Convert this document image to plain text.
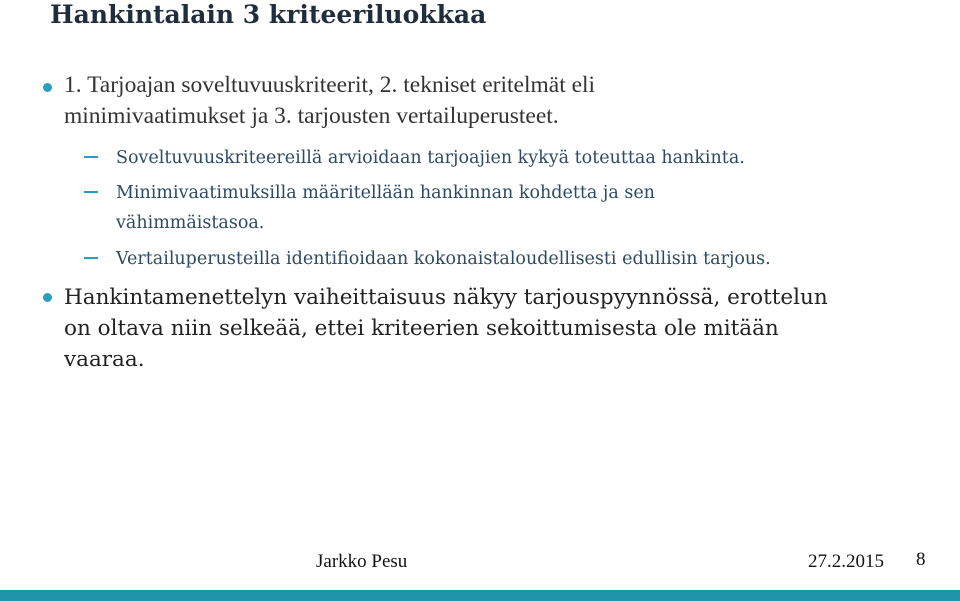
Hankintalain 3 kriteeriluokkaa
1. Tarjoajan soveltuvuuskriteerit, 2. tekniset eritelmät eli
minimivaatimukset ja 3. tarjousten vertailuperusteet.
Soveltuvuuskriteereillä arvioidaan tarjoajien kykyä toteuttaa hankinta.
Minimivaatimuksilla määritellään hankinnan kohdetta ja sen
vähimmäistasoa.
Vertailuperusteilla identifioidaan kokonaistaloudellisesti edullisin tarjous.
Hankintamenettelyn vaiheittaisuus näkyy tarjouspyynnössä, erottelun
on oltava niin selkeää, ettei kriteerien sekoittumisesta ole mitään
vaaraa.
Jarkko Pesu	27.2.2015 8
